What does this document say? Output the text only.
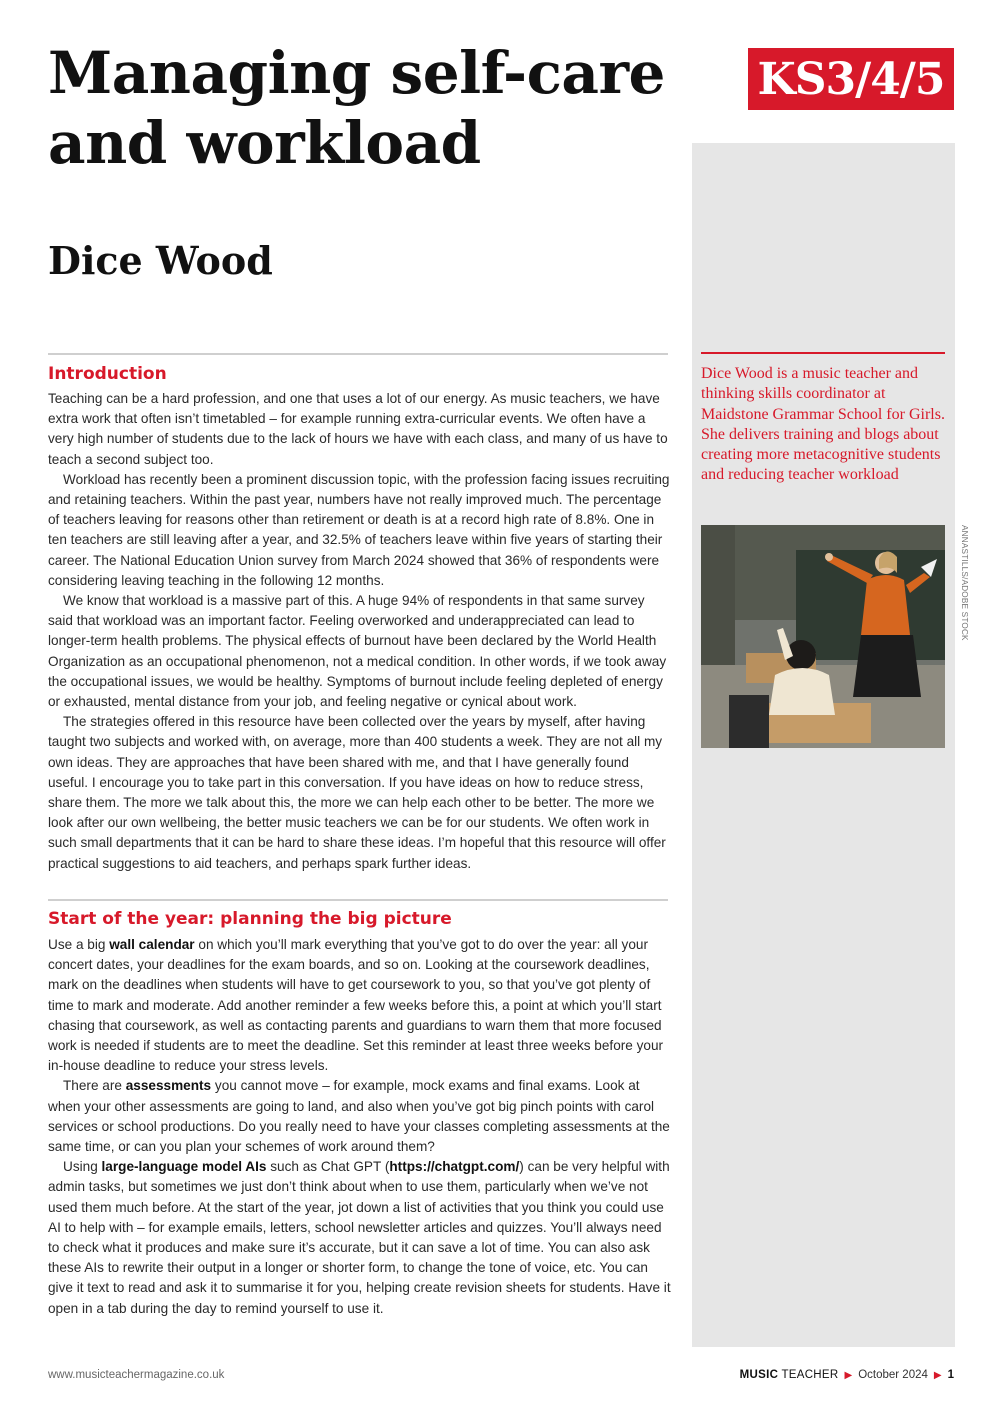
Managing self-care and workload
Dice Wood
KS3/4/5

Dice Wood is a music teacher and thinking skills coordinator at Maidstone Grammar School for Girls. She delivers training and blogs about creating more metacognitive students and reducing teacher workload

ANNASTILLS/ADOBE STOCK
Introduction

Teaching can be a hard profession, and one that uses a lot of our energy. As music teachers, we have extra work that often isn’t timetabled – for example running extra-curricular events. We often have a very high number of students due to the lack of hours we have with each class, and many of us have to teach a second subject too.

Workload has recently been a prominent discussion topic, with the profession facing issues recruiting and retaining teachers. Within the past year, numbers have not really improved much. The percentage of teachers leaving for reasons other than retirement or death is at a record high rate of 8.8%. One in ten teachers are still leaving after a year, and 32.5% of teachers leave within five years of starting their career. The National Education Union survey from March 2024 showed that 36% of respondents were considering leaving teaching in the following 12 months.

We know that workload is a massive part of this. A huge 94% of respondents in that same survey said that workload was an important factor. Feeling overworked and underappreciated can lead to longer-term health problems. The physical effects of burnout have been declared by the World Health Organization as an occupational phenomenon, not a medical condition. In other words, if we took away the occupational issues, we would be healthy. Symptoms of burnout include feeling depleted of energy or exhausted, mental distance from your job, and feeling negative or cynical about work.

The strategies offered in this resource have been collected over the years by myself, after having taught two subjects and worked with, on average, more than 400 students a week. They are not all my own ideas. They are approaches that have been shared with me, and that I have generally found useful. I encourage you to take part in this conversation. If you have ideas on how to reduce stress, share them. The more we talk about this, the more we can help each other to be better. The more we look after our own wellbeing, the better music teachers we can be for our students. We often work in such small departments that it can be hard to share these ideas. I’m hopeful that this resource will offer practical suggestions to aid teachers, and perhaps spark further ideas.

Start of the year: planning the big picture

Use a big wall calendar on which you’ll mark everything that you’ve got to do over the year: all your concert dates, your deadlines for the exam boards, and so on. Looking at the coursework deadlines, mark on the deadlines when students will have to get coursework to you, so that you’ve got plenty of time to mark and moderate. Add another reminder a few weeks before this, a point at which you’ll start chasing that coursework, as well as contacting parents and guardians to warn them that more focused work is needed if students are to meet the deadline. Set this reminder at least three weeks before your in-house deadline to reduce your stress levels.

There are assessments you cannot move – for example, mock exams and final exams. Look at when your other assessments are going to land, and also when you’ve got big pinch points with carol services or school productions. Do you really need to have your classes completing assessments at the same time, or can you plan your schemes of work around them?

Using large-language model AIs such as Chat GPT (https://chatgpt.com/) can be very helpful with admin tasks, but sometimes we just don’t think about when to use them, particularly when we’ve not used them much before. At the start of the year, jot down a list of activities that you think you could use AI to help with – for example emails, letters, school newsletter articles and quizzes. You’ll always need to check what it produces and make sure it’s accurate, but it can save a lot of time. You can also ask these AIs to rewrite their output in a longer or shorter form, to change the tone of voice, etc. You can give it text to read and ask it to summarise it for you, helping create revision sheets for students. Have it open in a tab during the day to remind yourself to use it.

www.musicteachermagazine.co.uk	MUSIC TEACHER ▶ October 2024 ▶ 1
